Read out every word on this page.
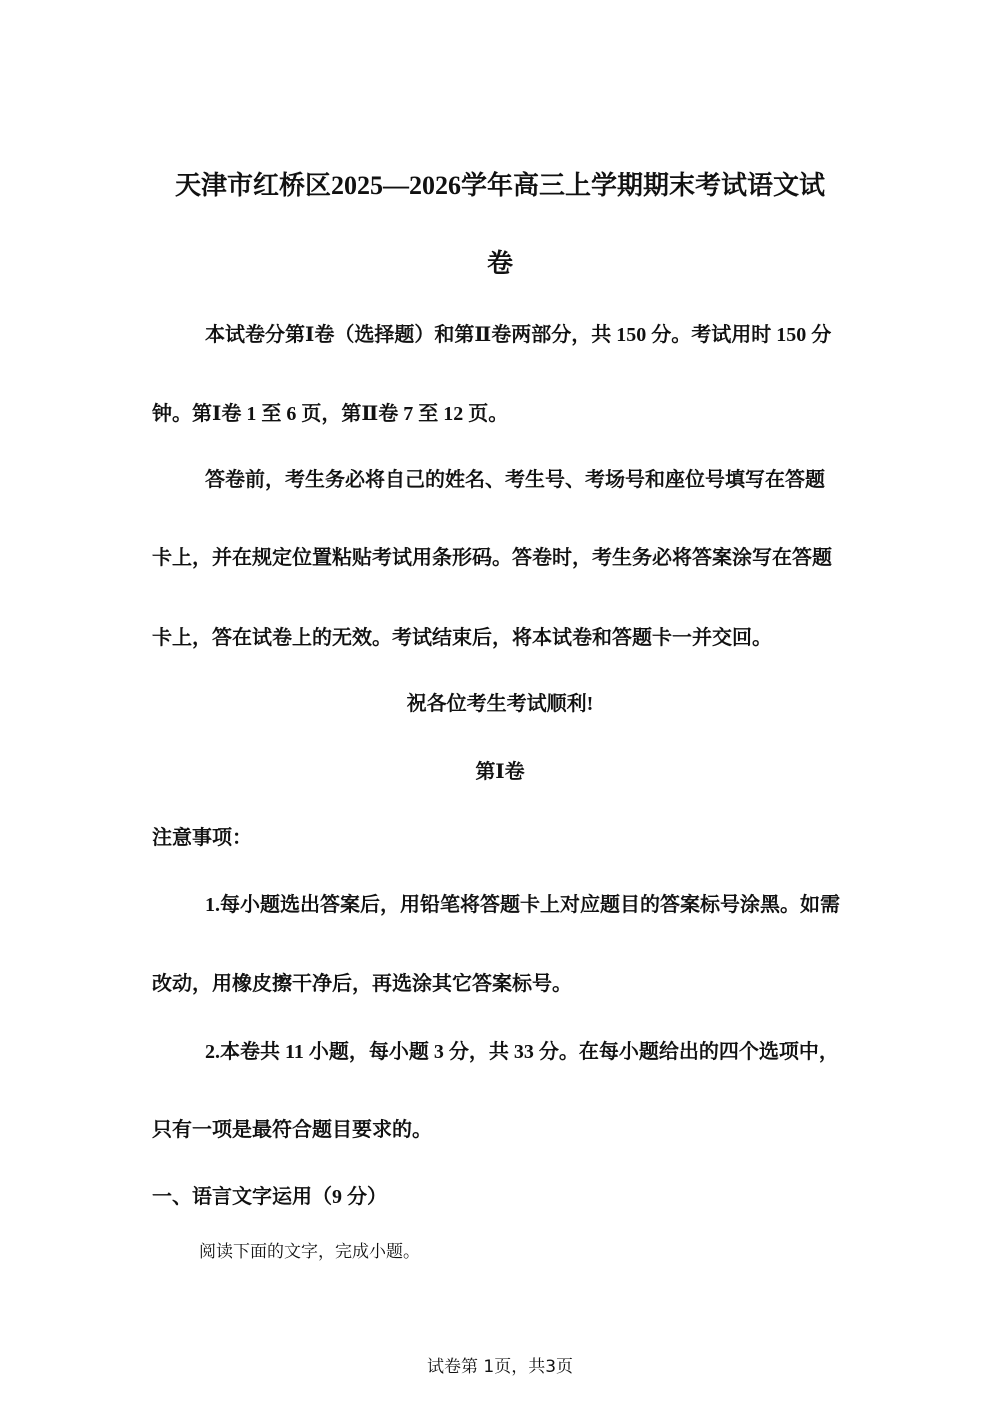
天津市红桥区2025—2026学年高三上学期期末考试语文试
卷
本试卷分第Ⅰ卷（选择题）和第Ⅱ卷两部分，共 150 分。考试用时 150 分
钟。第Ⅰ卷 1 至 6 页，第Ⅱ卷 7 至 12 页。
答卷前，考生务必将自己的姓名、考生号、考场号和座位号填写在答题
卡上，并在规定位置粘贴考试用条形码。答卷时，考生务必将答案涂写在答题
卡上，答在试卷上的无效。考试结束后，将本试卷和答题卡一并交回。
祝各位考生考试顺利!
第Ⅰ卷
注意事项：
1.每小题选出答案后，用铅笔将答题卡上对应题目的答案标号涂黑。如需
改动，用橡皮擦干净后，再选涂其它答案标号。
2.本卷共 11 小题，每小题 3 分，共 33 分。在每小题给出的四个选项中，
只有一项是最符合题目要求的。
一、语言文字运用（9 分）
阅读下面的文字，完成小题。
试卷第 1页，共3页
